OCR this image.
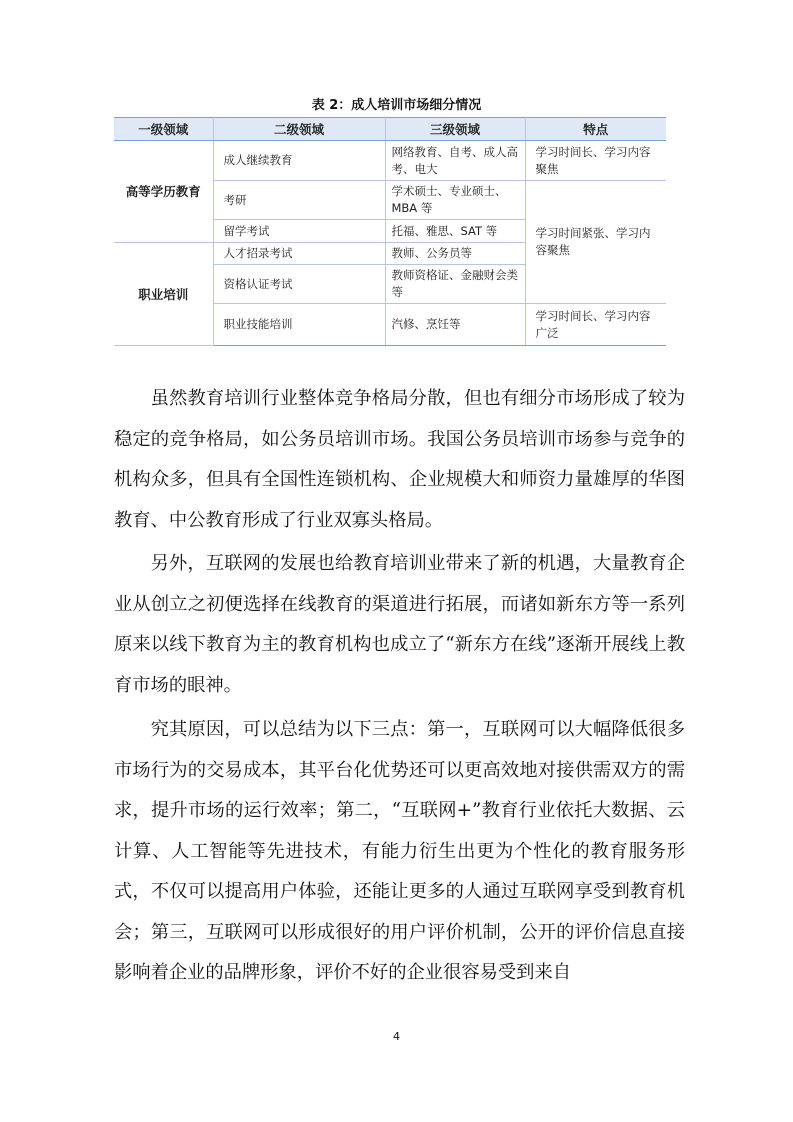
表 2：成人培训市场细分情况
一级领域	二级领域	三级领域	特点
高等学历教育	成人继续教育	网络教育、自考、成人高考、电大	学习时间长、学习内容聚焦
	考研	学术硕士、专业硕士、MBA 等	学习时间紧张、学习内容聚焦
	留学考试	托福、雅思、SAT 等	
职业培训	人才招录考试	教师、公务员等	
	资格认证考试	教师资格证、金融财会类等	
	职业技能培训	汽修、烹饪等	学习时间长、学习内容广泛

虽然教育培训行业整体竞争格局分散，但也有细分市场形成了较为稳定的竞争格局，如公务员培训市场。我国公务员培训市场参与竞争的机构众多，但具有全国性连锁机构、企业规模大和师资力量雄厚的华图教育、中公教育形成了行业双寡头格局。

另外，互联网的发展也给教育培训业带来了新的机遇，大量教育企业从创立之初便选择在线教育的渠道进行拓展，而诸如新东方等一系列原来以线下教育为主的教育机构也成立了“新东方在线”逐渐开展线上教育市场的眼神。

究其原因，可以总结为以下三点：第一，互联网可以大幅降低很多市场行为的交易成本，其平台化优势还可以更高效地对接供需双方的需求，提升市场的运行效率；第二，“互联网+”教育行业依托大数据、云计算、人工智能等先进技术，有能力衍生出更为个性化的教育服务形式，不仅可以提高用户体验，还能让更多的人通过互联网享受到教育机会；第三，互联网可以形成很好的用户评价机制，公开的评价信息直接影响着企业的品牌形象，评价不好的企业很容易受到来自

4
